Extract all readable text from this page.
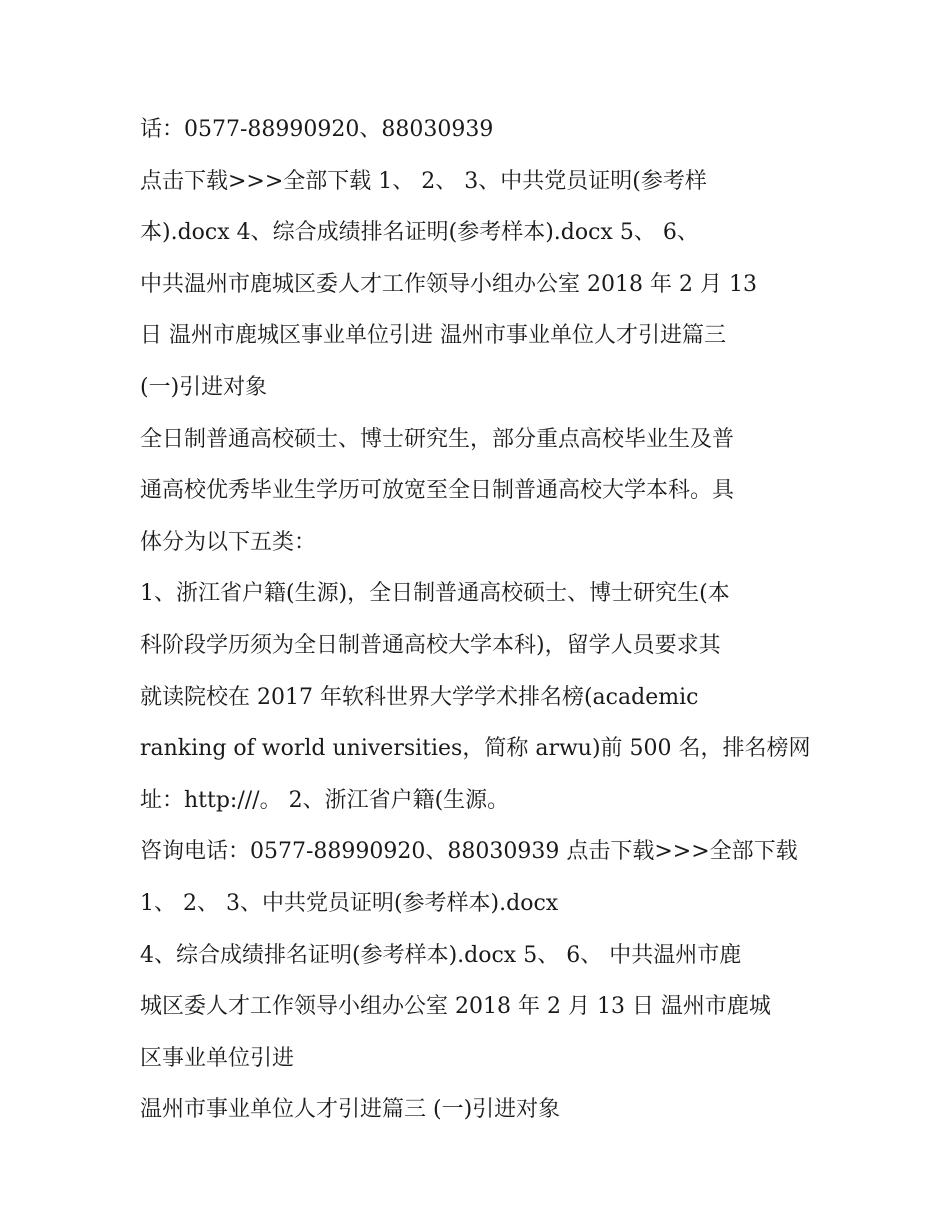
话：0577-88990920、88030939
点击下载>>>全部下载 1、 2、 3、中共党员证明(参考样
本).docx 4、综合成绩排名证明(参考样本).docx 5、 6、
中共温州市鹿城区委人才工作领导小组办公室 2018 年 2 月 13
日 温州市鹿城区事业单位引进 温州市事业单位人才引进篇三
(一)引进对象
全日制普通高校硕士、博士研究生，部分重点高校毕业生及普
通高校优秀毕业生学历可放宽至全日制普通高校大学本科。具
体分为以下五类：
1、浙江省户籍(生源)，全日制普通高校硕士、博士研究生(本
科阶段学历须为全日制普通高校大学本科)，留学人员要求其
就读院校在 2017 年软科世界大学学术排名榜(academic
ranking of world universities，简称 arwu)前 500 名，排名榜网
址：http:///。 2、浙江省户籍(生源。
咨询电话：0577-88990920、88030939 点击下载>>>全部下载
1、 2、 3、中共党员证明(参考样本).docx
4、综合成绩排名证明(参考样本).docx 5、 6、 中共温州市鹿
城区委人才工作领导小组办公室 2018 年 2 月 13 日 温州市鹿城
区事业单位引进
温州市事业单位人才引进篇三 (一)引进对象
